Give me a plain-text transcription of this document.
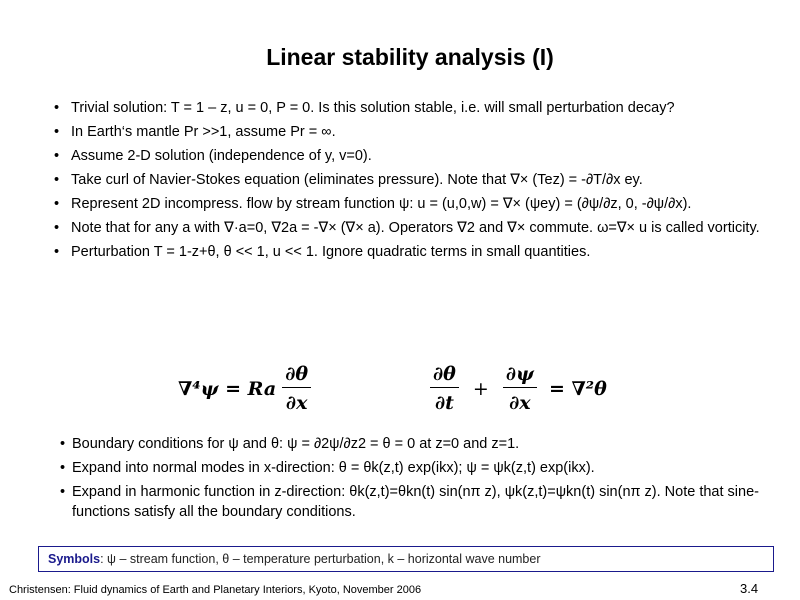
Linear stability analysis (I)
• Trivial solution: T = 1 – z, u = 0, P = 0. Is this solution stable, i.e. will small perturbation decay?
• In Earth‘s mantle Pr >>1, assume Pr = ∞.
• Assume 2-D solution (independence of y, v=0).
• Take curl of Navier-Stokes equation (eliminates pressure). Note that ∇× (Tez) = -∂T/∂x ey.
• Represent 2D incompress. flow by stream function ψ: u = (u,0,w) = ∇× (ψey) = (∂ψ/∂z, 0, -∂ψ/∂x).
• Note that for any a with ∇·a=0, ∇2a = -∇× (∇× a). Operators ∇2 and ∇× commute. ω=∇× u is called vorticity.
• Perturbation T = 1-z+θ, θ << 1, u << 1. Ignore quadratic terms in small quantities.
∇⁴ψ = Ra $\frac{\partial\theta}{\partial x}$	$\frac{\partial\theta}{\partial t} + \frac{\partial\psi}{\partial x} = \nabla^2\theta$
• Boundary conditions for ψ and θ: ψ = ∂2ψ/∂z2 = θ = 0 at z=0 and z=1.
• Expand into normal modes in x-direction: θ = θk(z,t) exp(ikx); ψ = ψk(z,t) exp(ikx).
• Expand in harmonic function in z-direction: θk(z,t)=θkn(t) sin(nπ z), ψk(z,t)=ψkn(t) sin(nπ z). Note that sine-functions satisfy all the boundary conditions.
Symbols: ψ – stream function, θ – temperature perturbation, k – horizontal wave number
Christensen: Fluid dynamics of Earth and Planetary Interiors, Kyoto, November 2006	3.4
